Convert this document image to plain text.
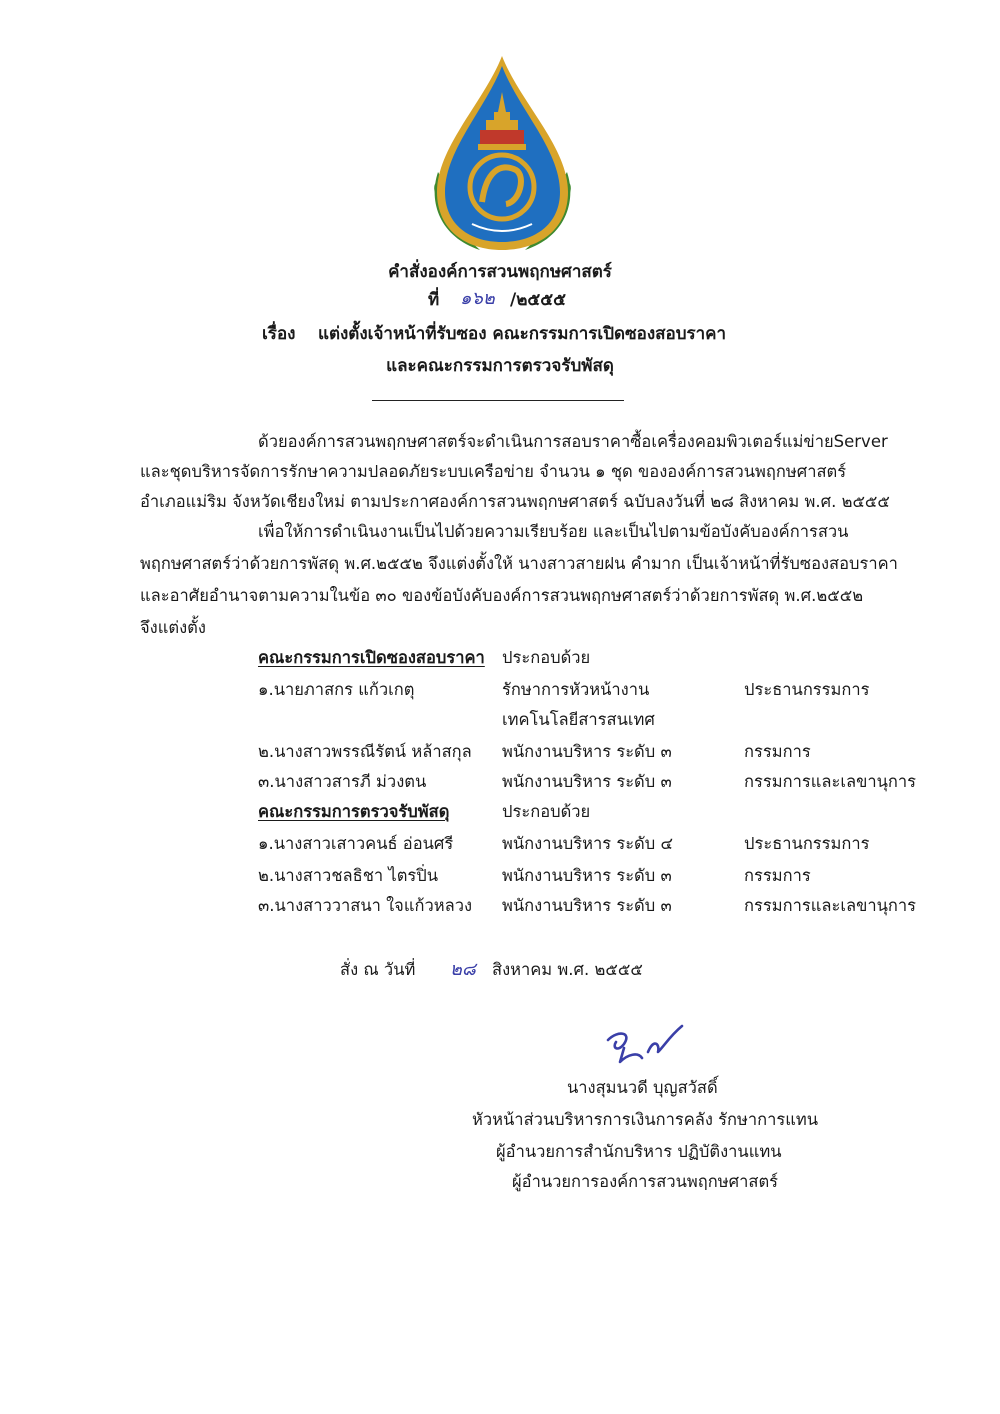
คำสั่งองค์การสวนพฤกษศาสตร์
ที่ ๑๖๒ /๒๕๕๕
เรื่อง แต่งตั้งเจ้าหน้าที่รับซอง คณะกรรมการเปิดซองสอบราคา
และคณะกรรมการตรวจรับพัสดุ
ด้วยองค์การสวนพฤกษศาสตร์จะดำเนินการสอบราคาซื้อเครื่องคอมพิวเตอร์แม่ข่ายServer
และชุดบริหารจัดการรักษาความปลอดภัยระบบเครือข่าย จำนวน ๑ ชุด ขององค์การสวนพฤกษศาสตร์
อำเภอแม่ริม จังหวัดเชียงใหม่ ตามประกาศองค์การสวนพฤกษศาสตร์ ฉบับลงวันที่ ๒๘ สิงหาคม พ.ศ. ๒๕๕๕
เพื่อให้การดำเนินงานเป็นไปด้วยความเรียบร้อย และเป็นไปตามข้อบังคับองค์การสวน
พฤกษศาสตร์ว่าด้วยการพัสดุ พ.ศ.๒๕๕๒ จึงแต่งตั้งให้ นางสาวสายฝน คำมาก เป็นเจ้าหน้าที่รับซองสอบราคา
และอาศัยอำนาจตามความในข้อ ๓๐ ของข้อบังคับองค์การสวนพฤกษศาสตร์ว่าด้วยการพัสดุ พ.ศ.๒๕๕๒
จึงแต่งตั้ง
คณะกรรมการเปิดซองสอบราคา ประกอบด้วย
๑.นายภาสกร แก้วเกตุ	รักษาการหัวหน้างาน	ประธานกรรมการ
เทคโนโลยีสารสนเทศ
๒.นางสาวพรรณีรัตน์ หล้าสกุล พนักงานบริหาร ระดับ ๓	กรรมการ
๓.นางสาวสารภี ม่วงตน	พนักงานบริหาร ระดับ ๓	กรรมการและเลขานุการ
คณะกรรมการตรวจรับพัสดุ	ประกอบด้วย
๑.นางสาวเสาวคนธ์ อ่อนศรี	พนักงานบริหาร ระดับ ๔	ประธานกรรมการ
๒.นางสาวชลธิชา ไตรปิ่น	พนักงานบริหาร ระดับ ๓	กรรมการ
๓.นางสาววาสนา ใจแก้วหลวง พนักงานบริหาร ระดับ ๓	กรรมการและเลขานุการ
สั่ง ณ วันที่ ๒๘ สิงหาคม พ.ศ. ๒๕๕๕
นางสุมนวดี บุญสวัสดิ์
หัวหน้าส่วนบริหารการเงินการคลัง รักษาการแทน
ผู้อำนวยการสำนักบริหาร ปฏิบัติงานแทน
ผู้อำนวยการองค์การสวนพฤกษศาสตร์
